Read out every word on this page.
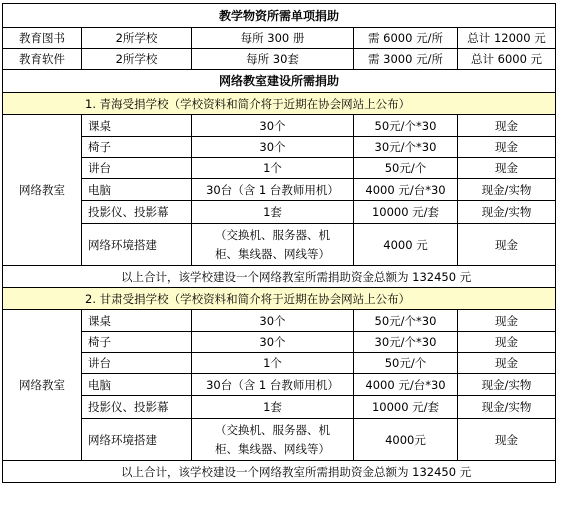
教学物资所需单项捐助				
教育图书	2所学校	每所 300 册	需 6000 元/所	总计 12000 元
教育软件	2所学校	每所 30套	需 3000 元/所	总计 6000 元
网络教室建设所需捐助				
1. 青海受捐学校（学校资料和简介将于近期在协会网站上公布）				
网络教室	课桌	30个	50元/个*30	现金
	椅子	30个	30元/个*30	现金
	讲台	1个	50元/个	现金
	电脑	30台（含 1 台教师用机）	4000 元/台*30	现金/实物
	投影仪、投影幕	1套	10000 元/套	现金/实物
	网络环境搭建	（交换机、服务器、机
柜、集线器、网线等）	4000 元	现金
以上合计，该学校建设一个网络教室所需捐助资金总额为 132450 元				
2. 甘肃受捐学校（学校资料和简介将于近期在协会网站上公布）				
网络教室	课桌	30个	50元/个*30	现金
	椅子	30个	30元/个*30	现金
	讲台	1个	50元/个	现金
	电脑	30台（含 1 台教师用机）	4000 元/台*30	现金/实物
	投影仪、投影幕	1套	10000 元/套	现金/实物
	网络环境搭建	（交换机、服务器、机
柜、集线器、网线等）	4000元	现金
以上合计，该学校建设一个网络教室所需捐助资金总额为 132450 元				
